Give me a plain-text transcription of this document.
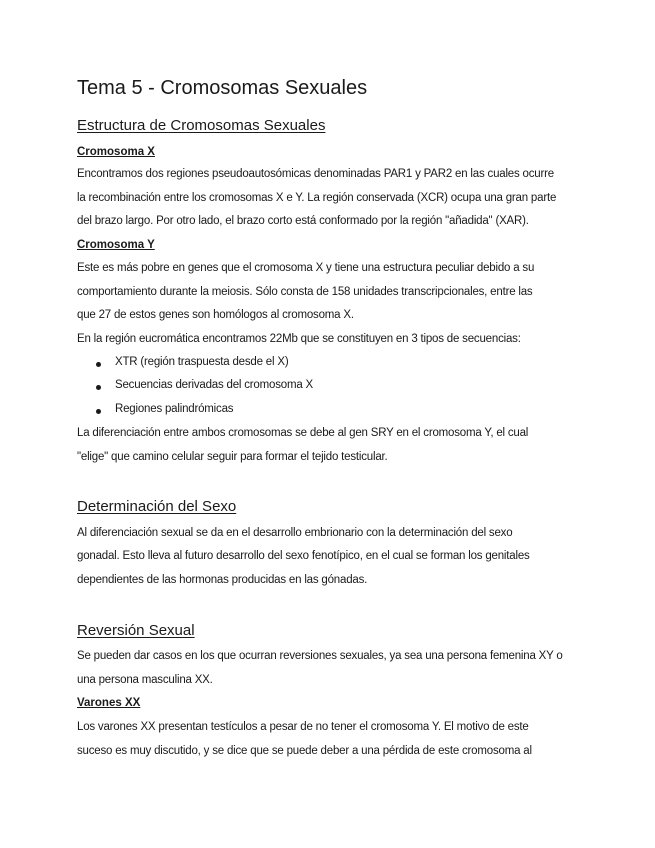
Tema 5 - Cromosomas Sexuales
Estructura de Cromosomas Sexuales
Cromosoma X

Encontramos dos regiones pseudoautosómicas denominadas PAR1 y PAR2 en las cuales ocurre

la recombinación entre los cromosomas X e Y. La región conservada (XCR) ocupa una gran parte

del brazo largo. Por otro lado, el brazo corto está conformado por la región "añadida" (XAR).

Cromosoma Y

Este es más pobre en genes que el cromosoma X y tiene una estructura peculiar debido a su

comportamiento durante la meiosis. Sólo consta de 158 unidades transcripcionales, entre las

que 27 de estos genes son homólogos al cromosoma X.

En la región eucromática encontramos 22Mb que se constituyen en 3 tipos de secuencias:

XTR (región traspuesta desde el X)
Secuencias derivadas del cromosoma X
Regiones palindrómicas

La diferenciación entre ambos cromosomas se debe al gen SRY en el cromosoma Y, el cual

"elige" que camino celular seguir para formar el tejido testicular.

Determinación del Sexo

Al diferenciación sexual se da en el desarrollo embrionario con la determinación del sexo

gonadal. Esto lleva al futuro desarrollo del sexo fenotípico, en el cual se forman los genitales

dependientes de las hormonas producidas en las gónadas.

Reversión Sexual

Se pueden dar casos en los que ocurran reversiones sexuales, ya sea una persona femenina XY o

una persona masculina XX.

Varones XX

Los varones XX presentan testículos a pesar de no tener el cromosoma Y. El motivo de este

suceso es muy discutido, y se dice que se puede deber a una pérdida de este cromosoma al
